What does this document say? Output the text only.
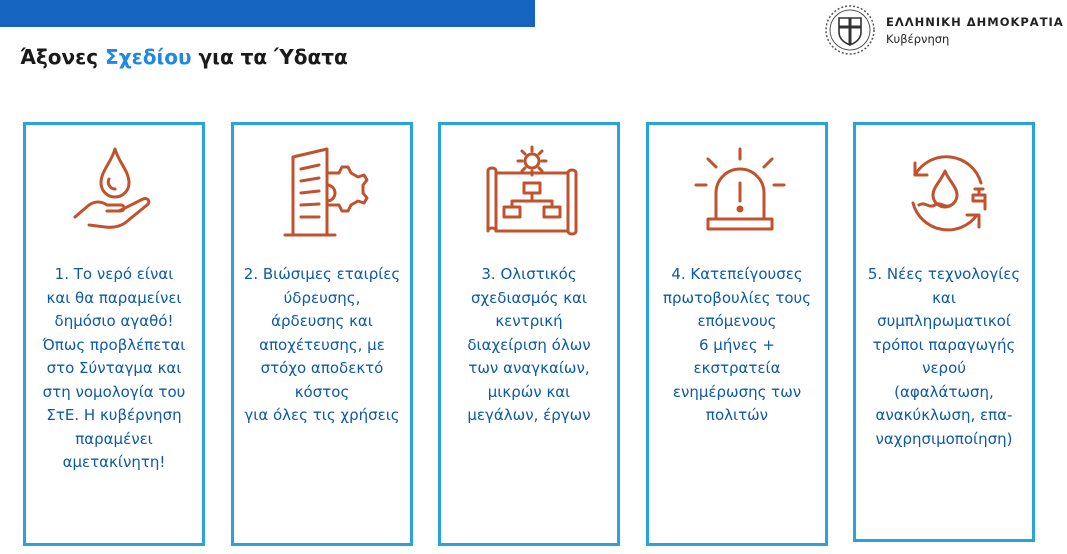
Άξονες Σχεδίου για τα Ύδατα
ΕΛΛΗΝΙΚΗ ΔΗΜΟΚΡΑΤΙΑ
Κυβέρνηση
1. Το νερό είναι
και θα παραμείνει
δημόσιο αγαθό!
Όπως προβλέπεται
στο Σύνταγμα και
στη νομολογία του
ΣτΕ. Η κυβέρνηση
παραμένει
αμετακίνητη!
2. Βιώσιμες εταιρίες
ύδρευσης,
άρδευσης και
αποχέτευσης, με
στόχο αποδεκτό
κόστος
για όλες τις χρήσεις
3. Ολιστικός
σχεδιασμός και
κεντρική
διαχείριση όλων
των αναγκαίων,
μικρών και
μεγάλων, έργων
4. Κατεπείγουσες
πρωτοβουλίες τους
επόμενους
6 μήνες +
εκστρατεία
ενημέρωσης των
πολιτών
5. Νέες τεχνολογίες
και
συμπληρωματικοί
τρόποι παραγωγής
νερού
(αφαλάτωση,
ανακύκλωση, επα-
ναχρησιμοποίηση)
